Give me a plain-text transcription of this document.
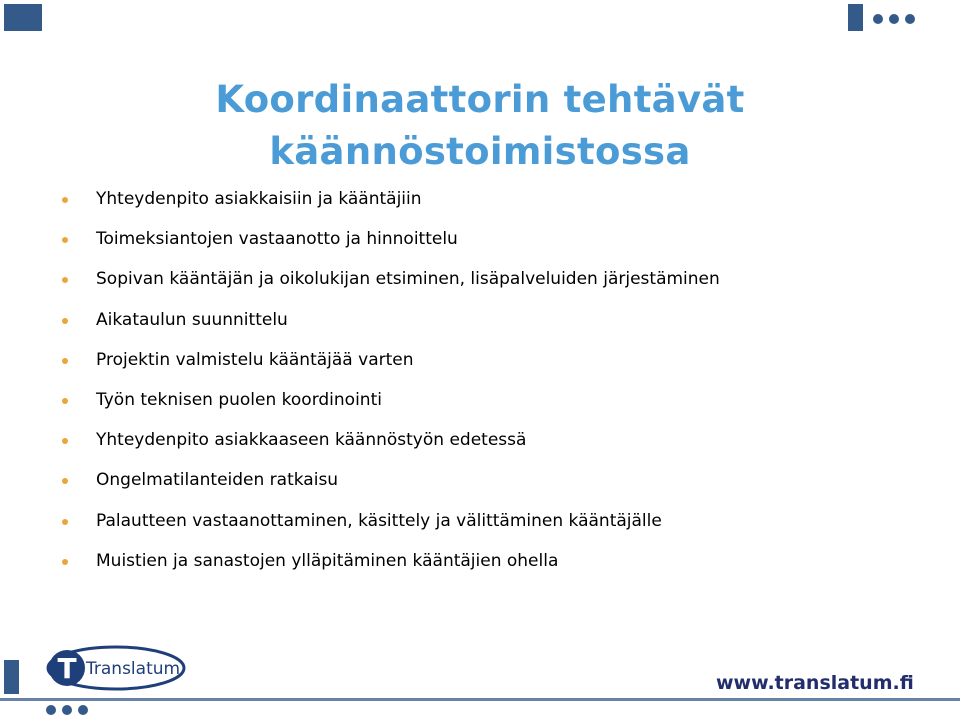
Koordinaattorin tehtävät
käännöstoimistossa
Yhteydenpito asiakkaisiin ja kääntäjiin
Toimeksiantojen vastaanotto ja hinnoittelu
Sopivan kääntäjän ja oikolukijan etsiminen, lisäpalveluiden järjestäminen
Aikataulun suunnittelu
Projektin valmistelu kääntäjää varten
Työn teknisen puolen koordinointi
Yhteydenpito asiakkaaseen käännöstyön edetessä
Ongelmatilanteiden ratkaisu
Palautteen vastaanottaminen, käsittely ja välittäminen kääntäjälle
Muistien ja sanastojen ylläpitäminen kääntäjien ohella
T Translatum

www.translatum.fi
